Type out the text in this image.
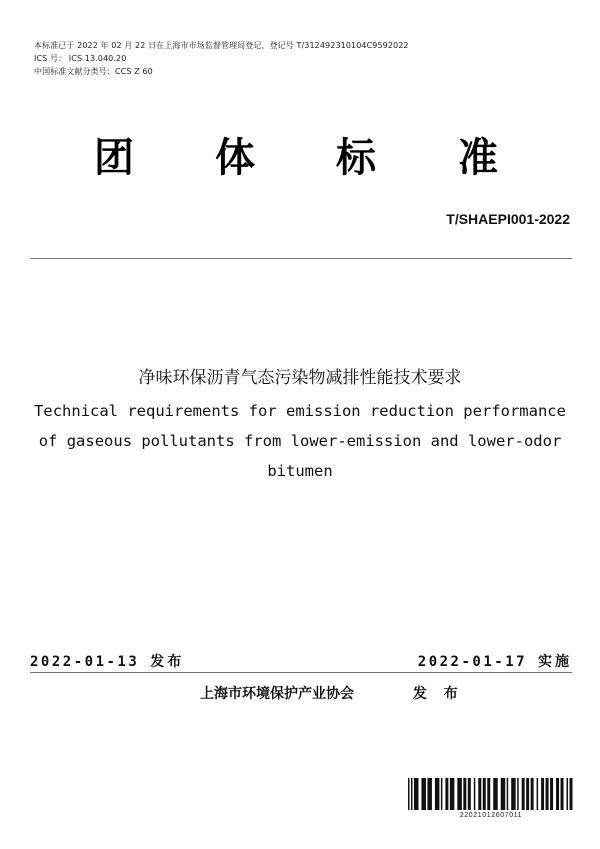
本标准已于 2022 年 02 月 22 日在上海市市场监督管理局登记，登记号 T/312492310104C9592022
ICS 号： ICS 13.040.20
中国标准文献分类号：CCS Z 60
团 体 标 准
T/SHAEPI001-2022
净味环保沥青气态污染物减排性能技术要求
Technical requirements for emission reduction performance
of gaseous pollutants from lower-emission and lower-odor
bitumen
2022-01-13 发布	2022-01-17 实施
上海市环境保护产业协会	发 布
22021012607011
